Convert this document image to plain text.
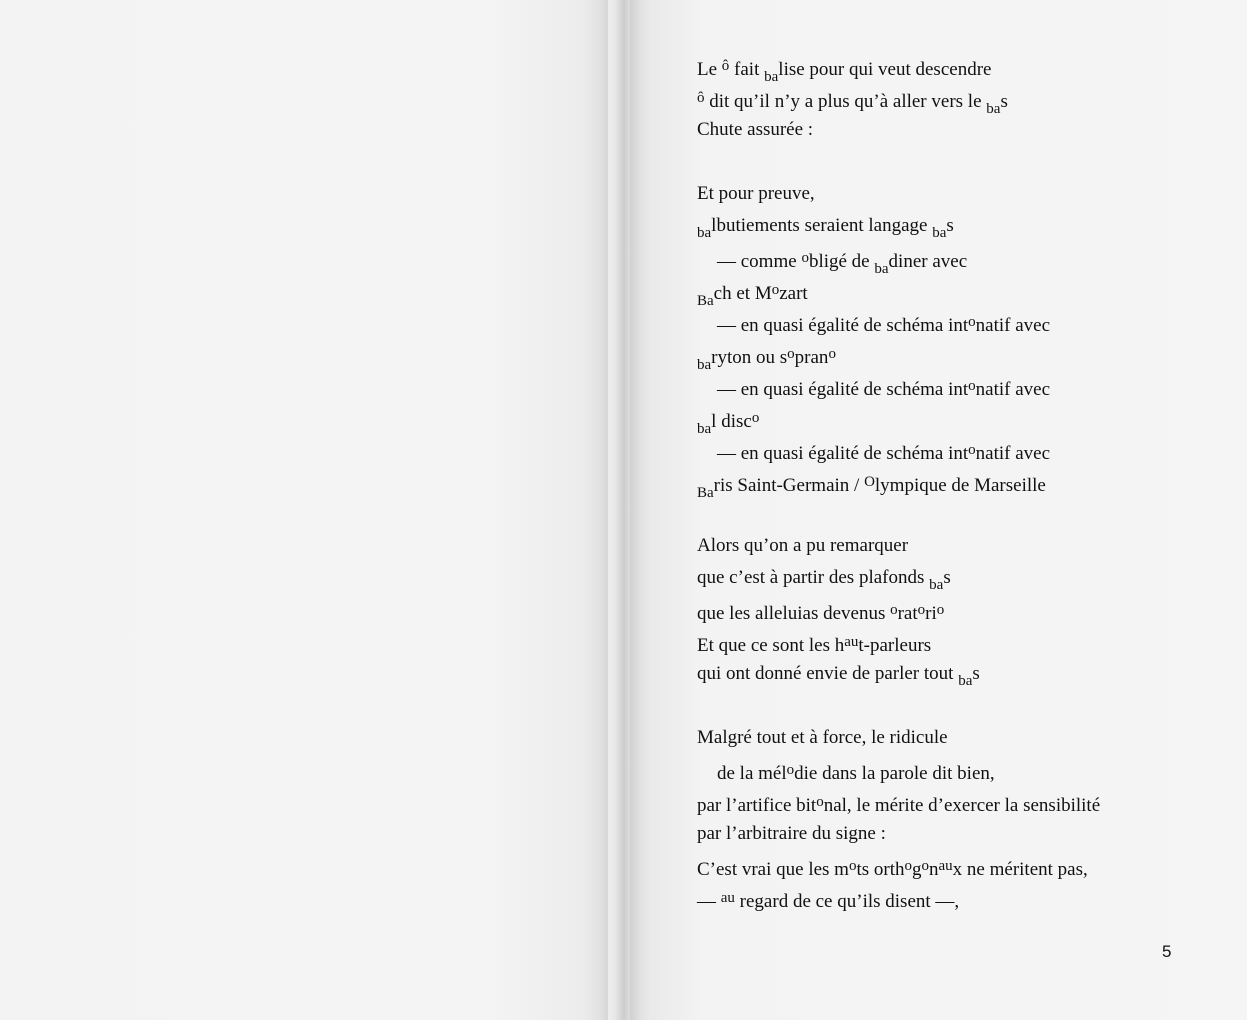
Le $^ô$ fait $_{ba}$lise pour qui veut descendre
$^ô$ dit qu’il n’y a plus qu’à aller vers le $_{ba}$s
Chute assurée :
Et pour preuve,
$_{ba}$lbutiements seraient langage $_{ba}$s
— comme $^o$bligé de $_{ba}$diner avec
$_{Ba}$ch et $M^ozart$
— en quasi égalité de schéma int$^o$natif avec
$_{ba}$ryton ou $s^opran^o$
— en quasi égalité de schéma int$^o$natif avec
$_{ba}$l disc$^o$
— en quasi égalité de schéma int$^o$natif avec
$_{Ba}$ris Saint-Germain / $^O$lympique de Marseille
Alors qu’on a pu remarquer
que c’est à partir des plafonds $_{ba}$s
que les alleluias devenus $^orat^ori^o$
Et que ce sont les $h^{au}t$-parleurs
qui ont donné envie de parler tout $_{ba}$s
Malgré tout et à force, le ridicule
de la mél$^o$die dans la parole dit bien,
par l’artifice bit$^o$nal, le mérite d’exercer la sensibilité
par l’arbitraire du signe :
C’est vrai que les $m^ots$ $orth^og^on^{au}x$ ne méritent pas,
— $^{au}$ regard de ce qu’ils disent —,
5
